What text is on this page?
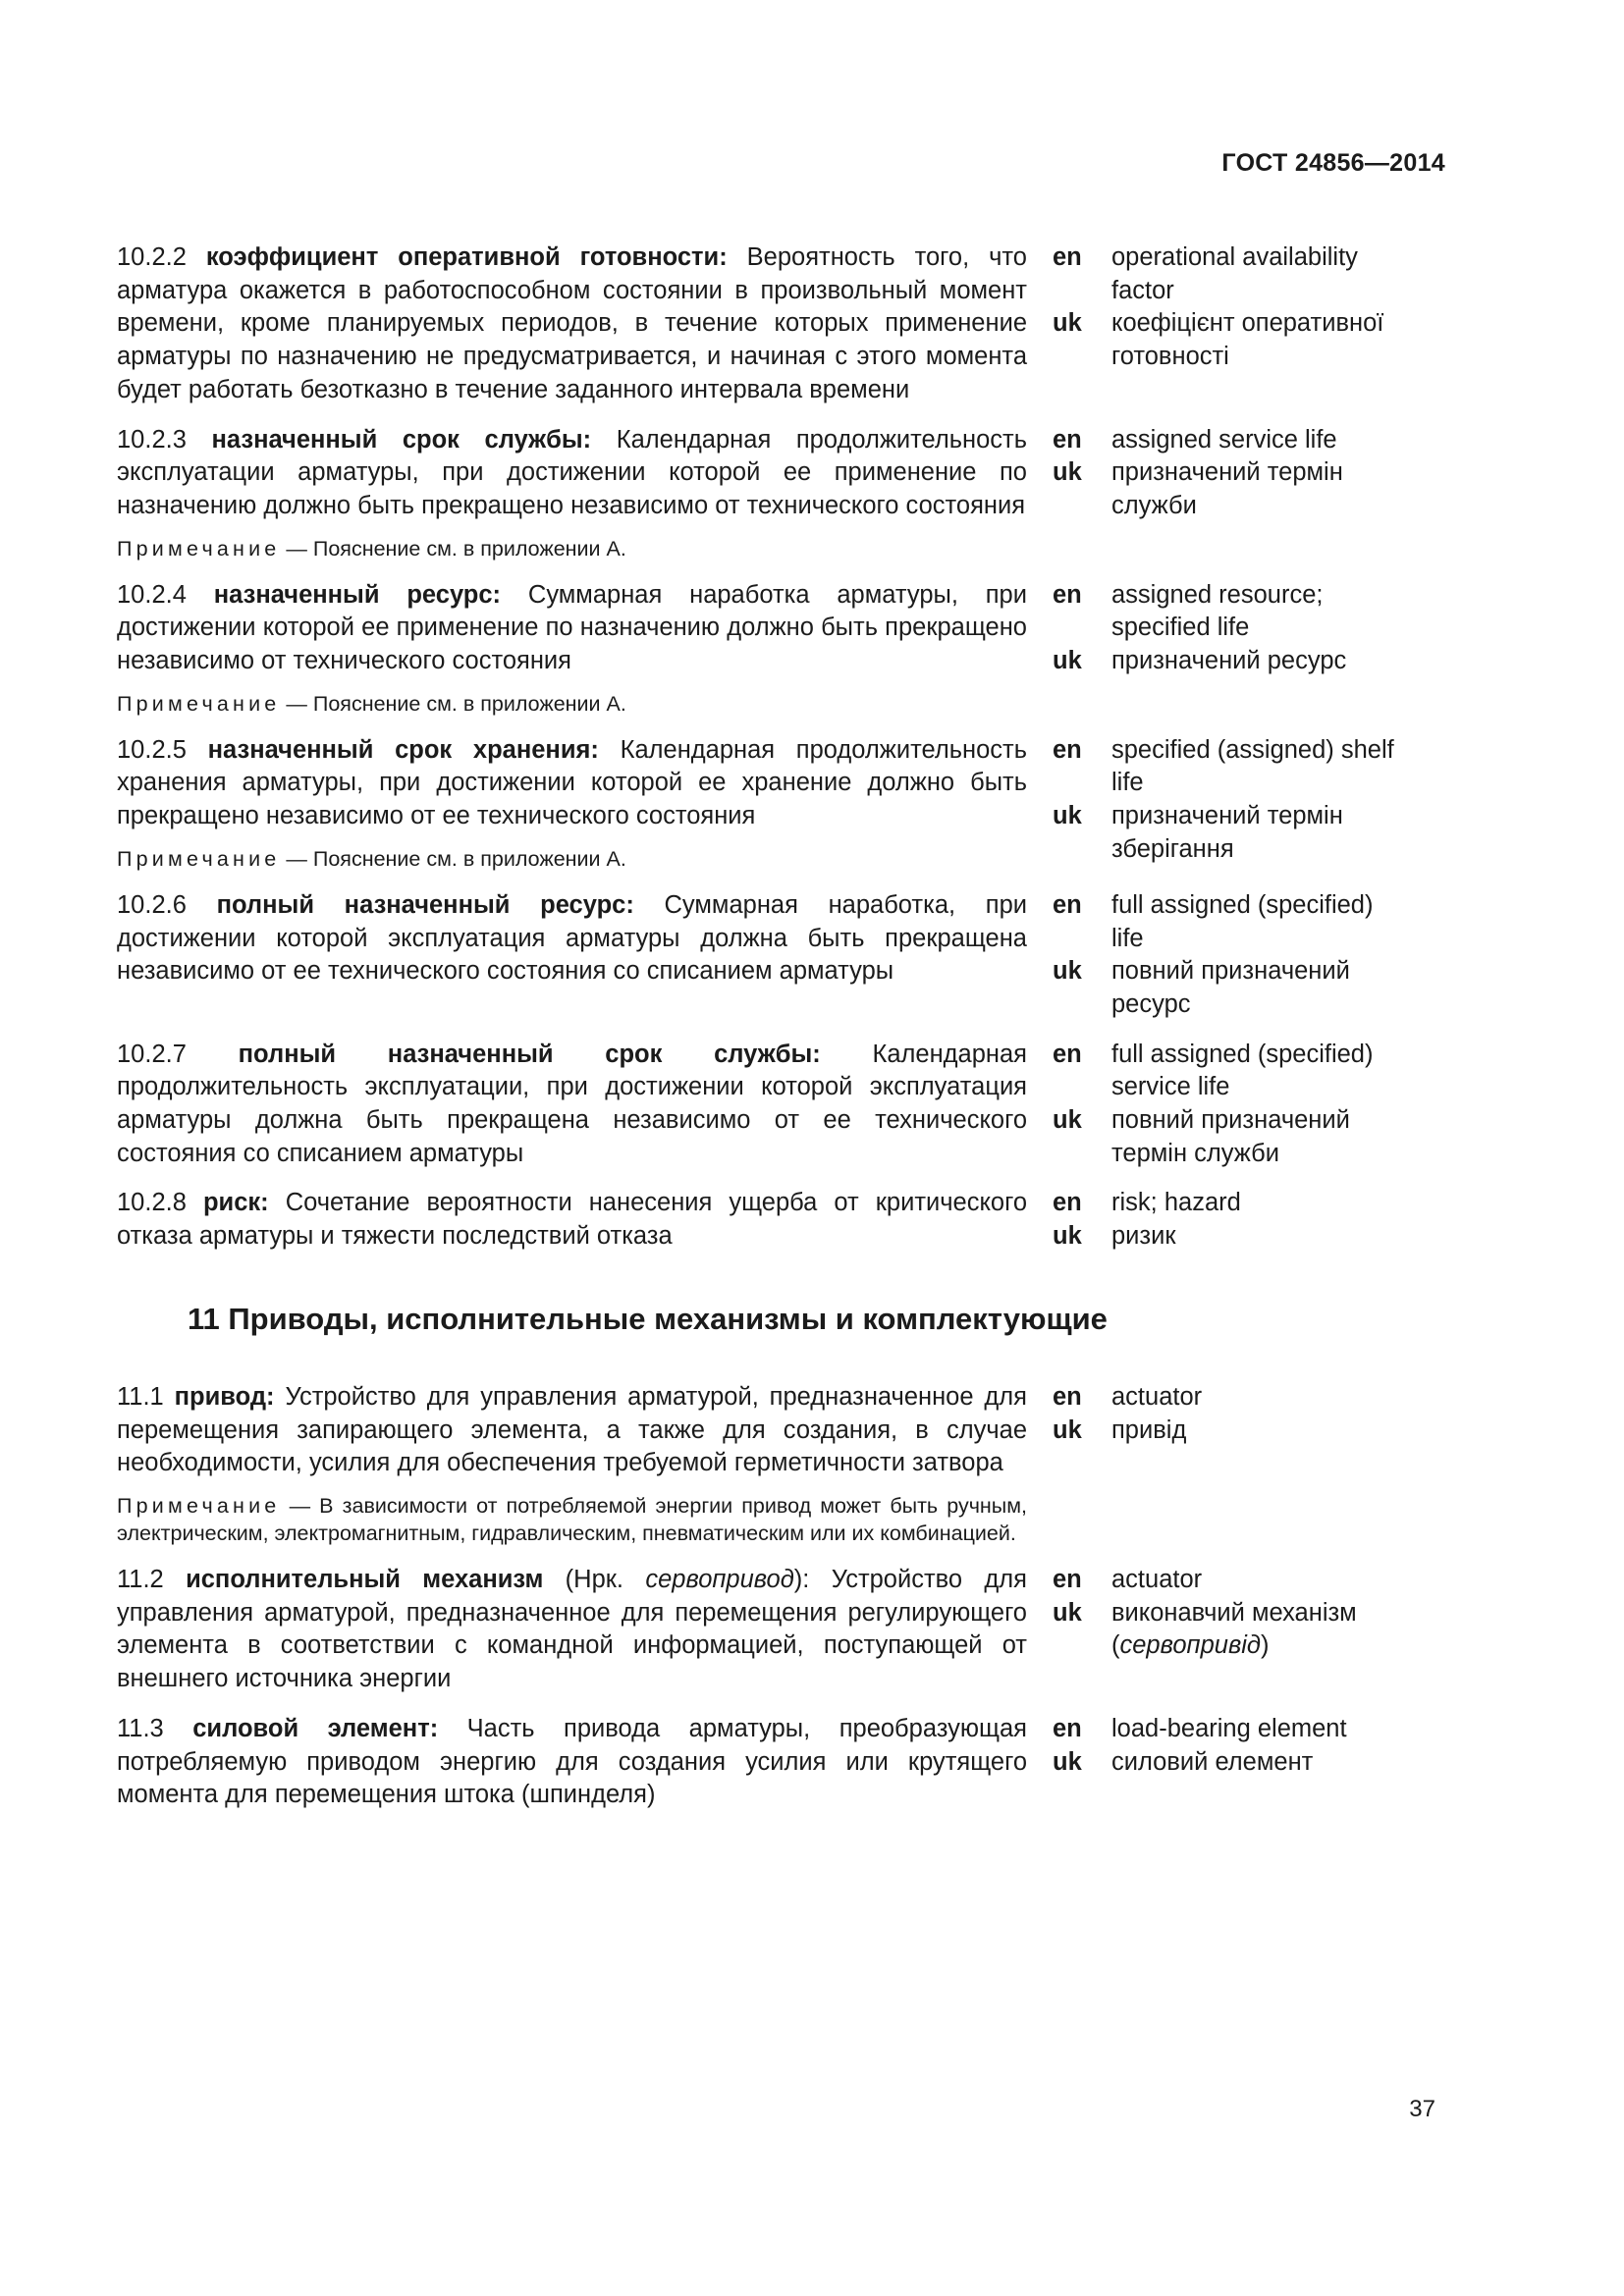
ГОСТ 24856—2014
10.2.2 коэффициент оперативной готовности: Вероятность того, что арматура окажется в работоспособном состоянии в произвольный момент времени, кроме планируемых периодов, в течение которых применение арматуры по назначению не предусматривается, и начиная с этого момента будет работать безотказно в течение заданного интервала времени
en	operational availability factor
uk	коефіцієнт оперативної готовності
10.2.3 назначенный срок службы: Календарная продолжительность эксплуатации арматуры, при достижении которой ее применение по назначению должно быть прекращено независимо от технического состояния
en	assigned service life
uk	призначений термін служби
Примечание — Пояснение см. в приложении А.
10.2.4 назначенный ресурс: Суммарная наработка арматуры, при достижении которой ее применение по назначению должно быть прекращено независимо от технического состояния
en	assigned resource; specified life
uk	призначений ресурс
Примечание — Пояснение см. в приложении А.
10.2.5 назначенный срок хранения: Календарная продолжительность хранения арматуры, при достижении которой ее хранение должно быть прекращено независимо от ее технического состояния
Примечание — Пояснение см. в приложении А.
en	specified (assigned) shelf life
uk	призначений термін зберігання
10.2.6 полный назначенный ресурс: Суммарная наработка, при достижении которой эксплуатация арматуры должна быть прекращена независимо от ее технического состояния со списанием арматуры
en	full assigned (specified) life
uk	повний призначений ресурс
10.2.7 полный назначенный срок службы: Календарная продолжительность эксплуатации, при достижении которой эксплуатация арматуры должна быть прекращена независимо от ее технического состояния со списанием арматуры
en	full assigned (specified) service life
uk	повний призначений термін служби
10.2.8 риск: Сочетание вероятности нанесения ущерба от критического отказа арматуры и тяжести последствий отказа
en	risk; hazard
uk	ризик
11 Приводы, исполнительные механизмы и комплектующие
11.1 привод: Устройство для управления арматурой, предназначенное для перемещения запирающего элемента, а также для создания, в случае необходимости, усилия для обеспечения требуемой герметичности затвора
en	actuator
uk	привід
Примечание — В зависимости от потребляемой энергии привод может быть ручным, электрическим, электромагнитным, гидравлическим, пневматическим или их комбинацией.
11.2 исполнительный механизм (Нрк. сервопривод): Устройство для управления арматурой, предназначенное для перемещения регулирующего элемента в соответствии с командной информацией, поступающей от внешнего источника энергии
en	actuator
uk	виконавчий механізм
(сервопривід)
11.3 силовой элемент: Часть привода арматуры, преобразующая потребляемую приводом энергию для создания усилия или крутящего момента для перемещения штока (шпинделя)
en	load-bearing element
uk	силовий елемент
37
